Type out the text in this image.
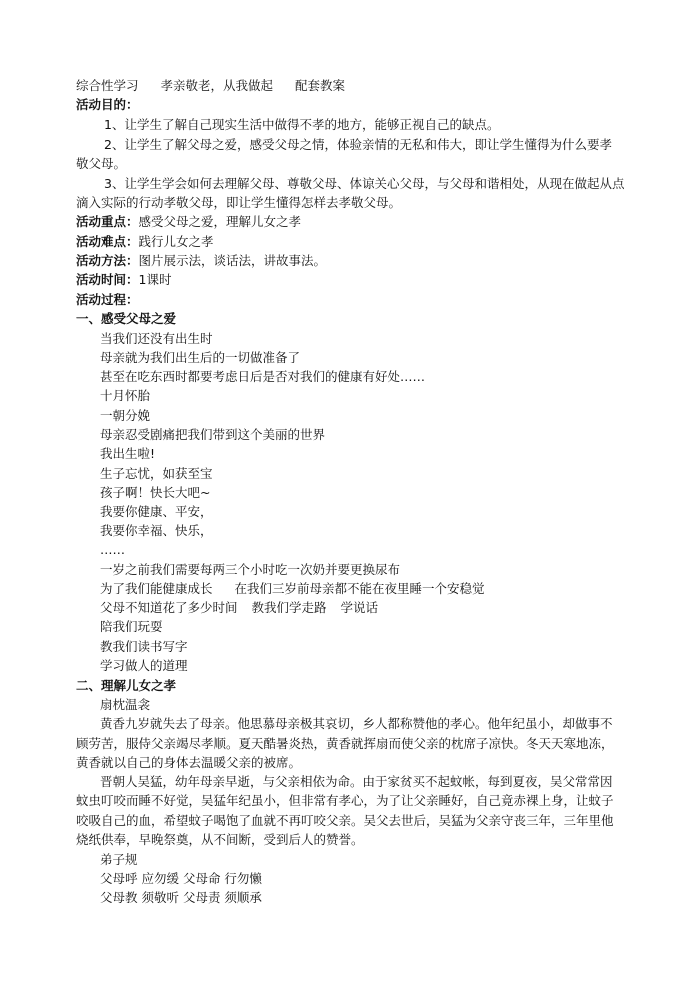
综合性学习 孝亲敬老，从我做起 配套教案
活动目的：
1、让学生了解自己现实生活中做得不孝的地方，能够正视自己的缺点。
2、让学生了解父母之爱，感受父母之情，体验亲情的无私和伟大，即让学生懂得为什么要孝
敬父母。
3、让学生学会如何去理解父母、尊敬父母、体谅关心父母，与父母和谐相处，从现在做起从点
滴入实际的行动孝敬父母，即让学生懂得怎样去孝敬父母。
活动重点：感受父母之爱，理解儿女之孝
活动难点：践行儿女之孝
活动方法：图片展示法，谈话法，讲故事法。
活动时间：1课时
活动过程：
一、感受父母之爱
当我们还没有出生时
母亲就为我们出生后的一切做准备了
甚至在吃东西时都要考虑日后是否对我们的健康有好处……
十月怀胎
一朝分娩
母亲忍受剧痛把我们带到这个美丽的世界
我出生啦!
生子忘忧，如获至宝
孩子啊！快长大吧~
我要你健康、平安，
我要你幸福、快乐，
……
一岁之前我们需要每两三个小时吃一次奶并要更换尿布
为了我们能健康成长 在我们三岁前母亲都不能在夜里睡一个安稳觉
父母不知道花了多少时间 教我们学走路 学说话
陪我们玩耍
教我们读书写字
学习做人的道理
二、理解儿女之孝
扇枕温衾
黄香九岁就失去了母亲。他思慕母亲极其哀切，乡人都称赞他的孝心。他年纪虽小，却做事不
顾劳苦，服侍父亲竭尽孝顺。夏天酷暑炎热，黄香就挥扇而使父亲的枕席子凉快。冬天天寒地冻，
黄香就以自己的身体去温暖父亲的被席。
晋朝人吴猛，幼年母亲早逝，与父亲相依为命。由于家贫买不起蚊帐，每到夏夜，吴父常常因
蚊虫叮咬而睡不好觉，吴猛年纪虽小，但非常有孝心，为了让父亲睡好，自己竟赤裸上身，让蚊子
咬吸自己的血，希望蚊子喝饱了血就不再叮咬父亲。吴父去世后，吴猛为父亲守丧三年，三年里他
烧纸供奉，早晚祭奠，从不间断，受到后人的赞誉。
弟子规
父母呼 应勿缓 父母命 行勿懒
父母教 须敬听 父母责 须顺承
